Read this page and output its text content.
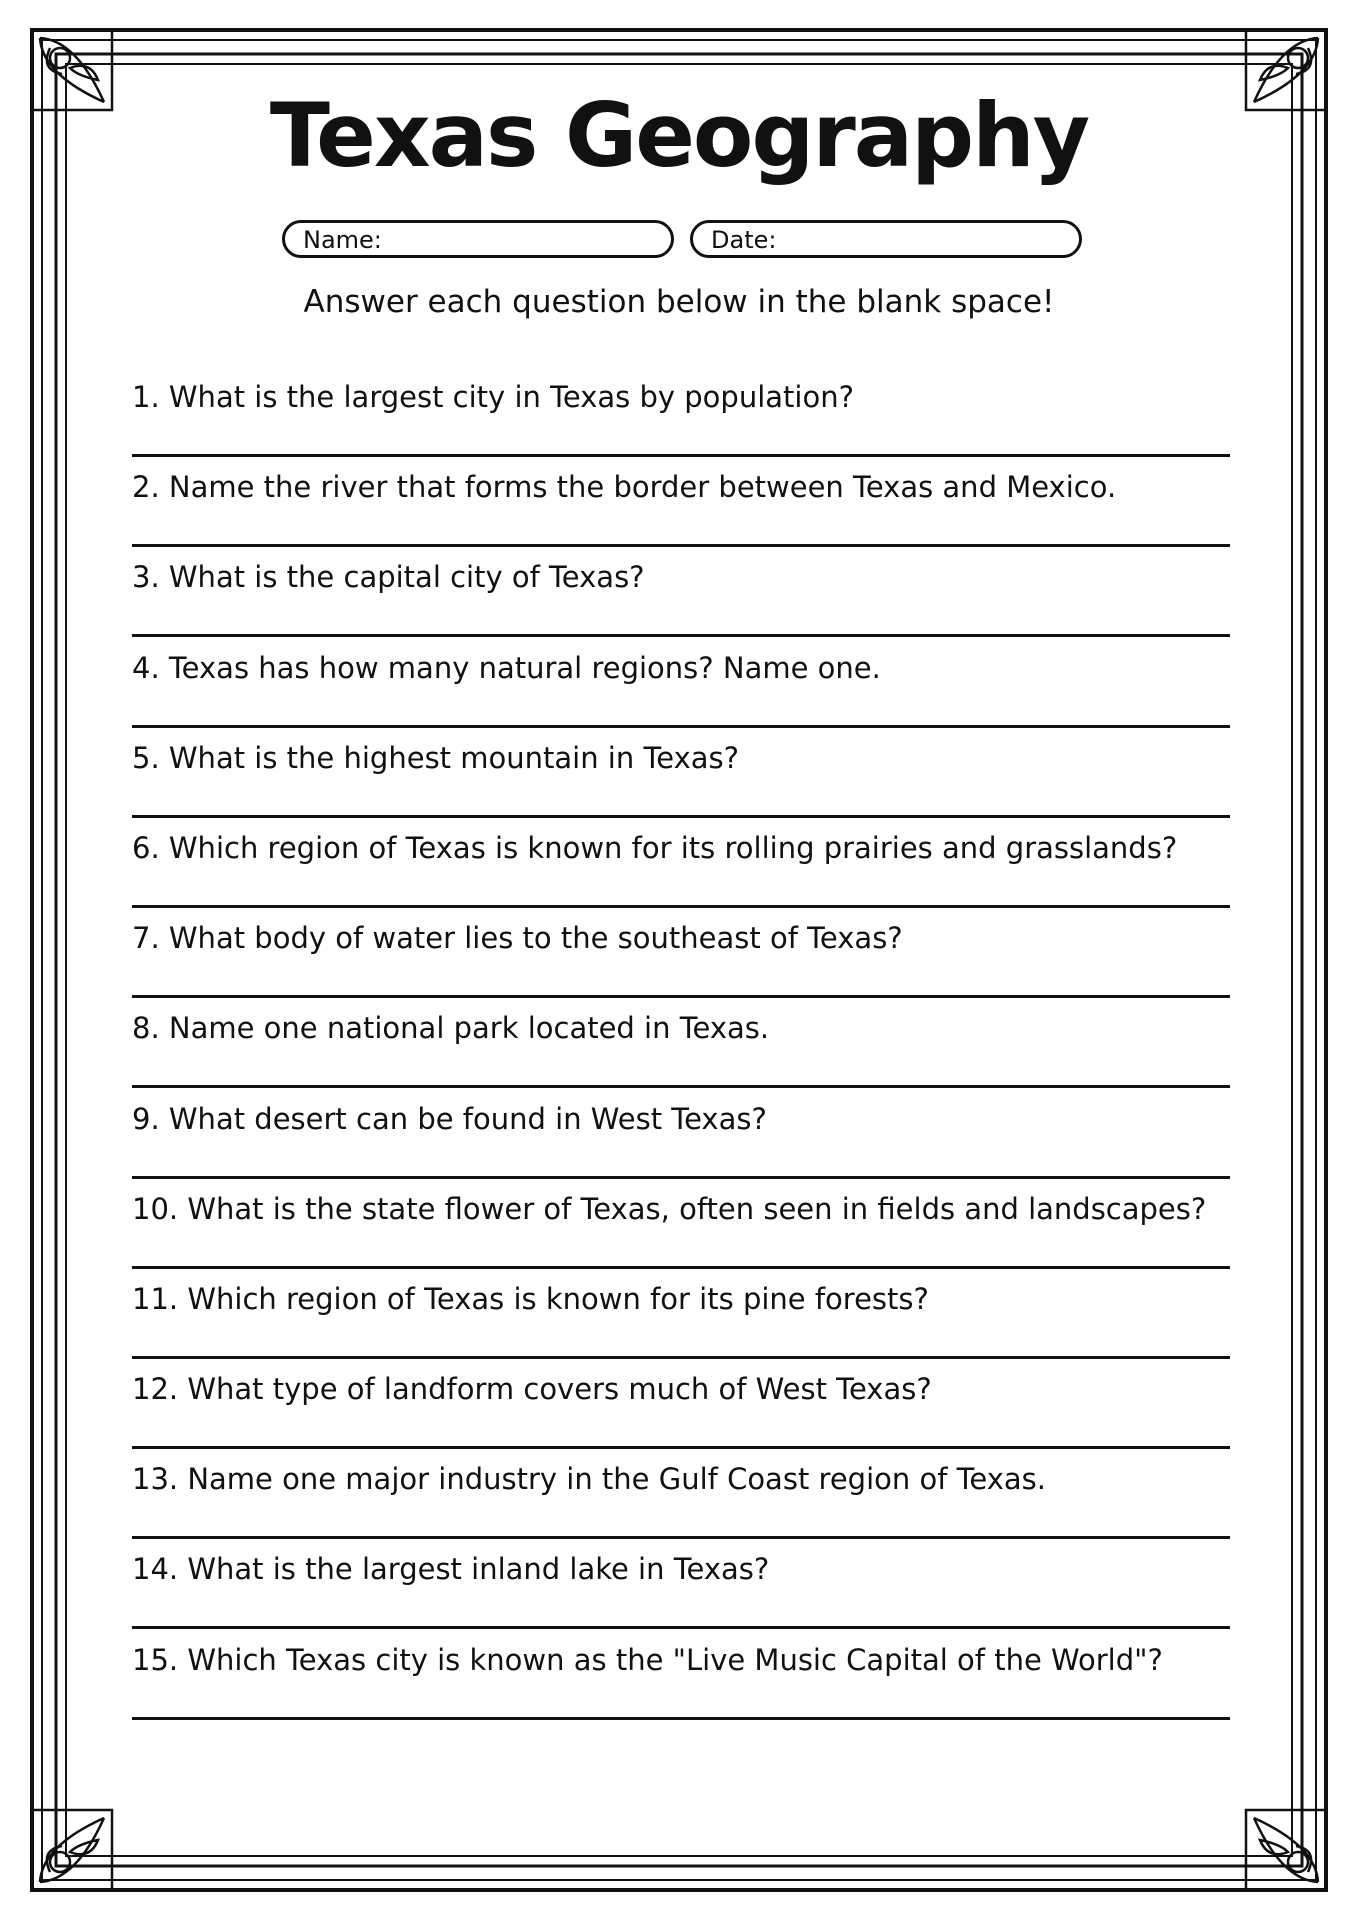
Texas Geography
Name:	Date:
Answer each question below in the blank space!
1. What is the largest city in Texas by population?
2. Name the river that forms the border between Texas and Mexico.
3. What is the capital city of Texas?
4. Texas has how many natural regions? Name one.
5. What is the highest mountain in Texas?
6. Which region of Texas is known for its rolling prairies and grasslands?
7. What body of water lies to the southeast of Texas?
8. Name one national park located in Texas.
9. What desert can be found in West Texas?
10. What is the state flower of Texas, often seen in fields and landscapes?
11. Which region of Texas is known for its pine forests?
12. What type of landform covers much of West Texas?
13. Name one major industry in the Gulf Coast region of Texas.
14. What is the largest inland lake in Texas?
15. Which Texas city is known as the "Live Music Capital of the World"?
